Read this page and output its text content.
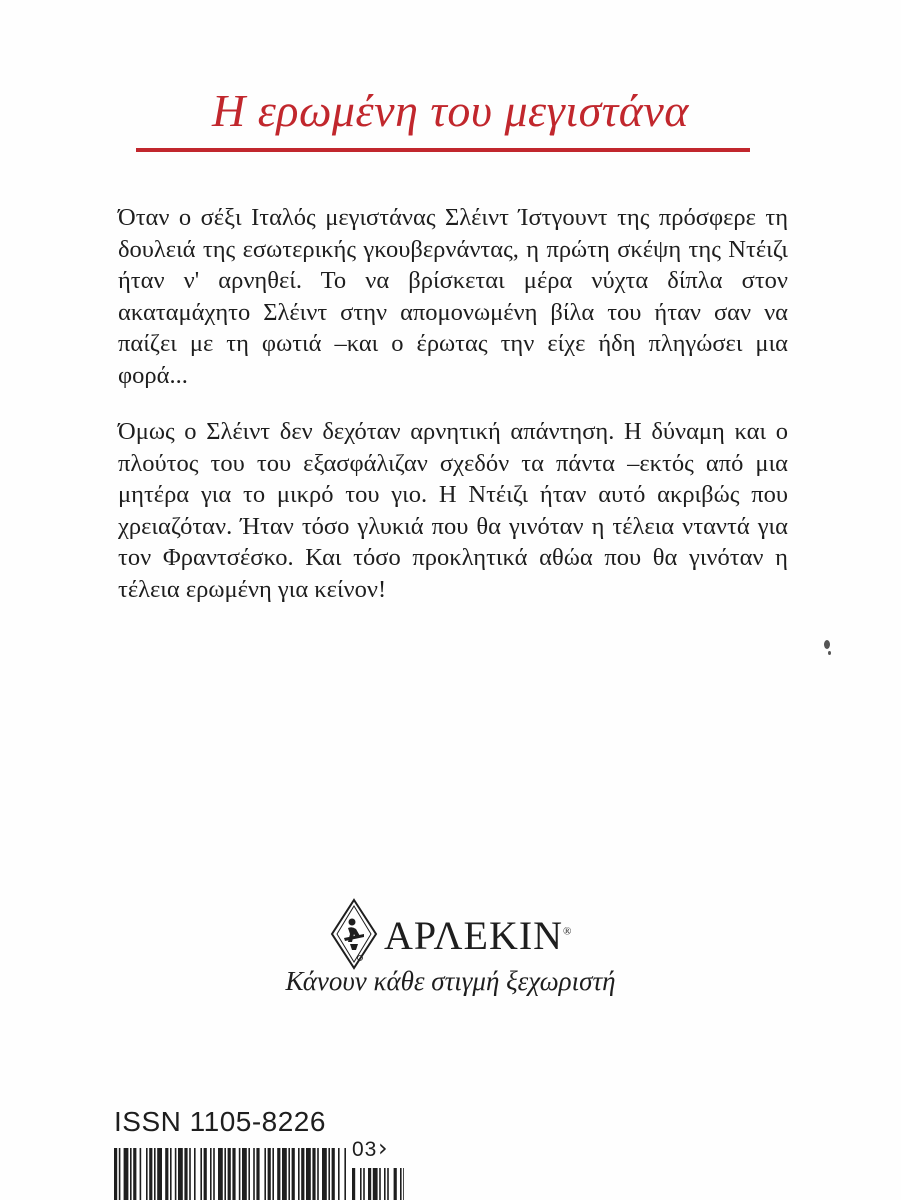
Η ερωμένη του μεγιστάνα

Όταν ο σέξι Ιταλός μεγιστάνας Σλέιντ Ίστγουντ της πρόσφερε τη δουλειά της εσωτερικής γκουβερνάντας, η πρώτη σκέψη της Ντέιζι ήταν ν' αρνηθεί. Το να βρίσκεται μέρα νύχτα δίπλα στον ακαταμάχητο Σλέιντ στην απομονωμένη βίλα του ήταν σαν να παίζει με τη φωτιά –και ο έρωτας την είχε ήδη πληγώσει μια φορά...

Όμως ο Σλέιντ δεν δεχόταν αρνητική απάντηση. Η δύναμη και ο πλούτος του του εξασφάλιζαν σχεδόν τα πάντα –εκτός από μια μητέρα για το μικρό του γιο. Η Ντέιζι ήταν αυτό ακριβώς που χρειαζόταν. Ήταν τόσο γλυκιά που θα γινόταν η τέλεια νταντά για τον Φραντσέσκο. Και τόσο προκλητικά αθώα που θα γινόταν η τέλεια ερωμένη για κείνον!

ΑΡΛΕΚΙΝ®

Κάνουν κάθε στιγμή ξεχωριστή

ISSN 1105-8226
03 ›
